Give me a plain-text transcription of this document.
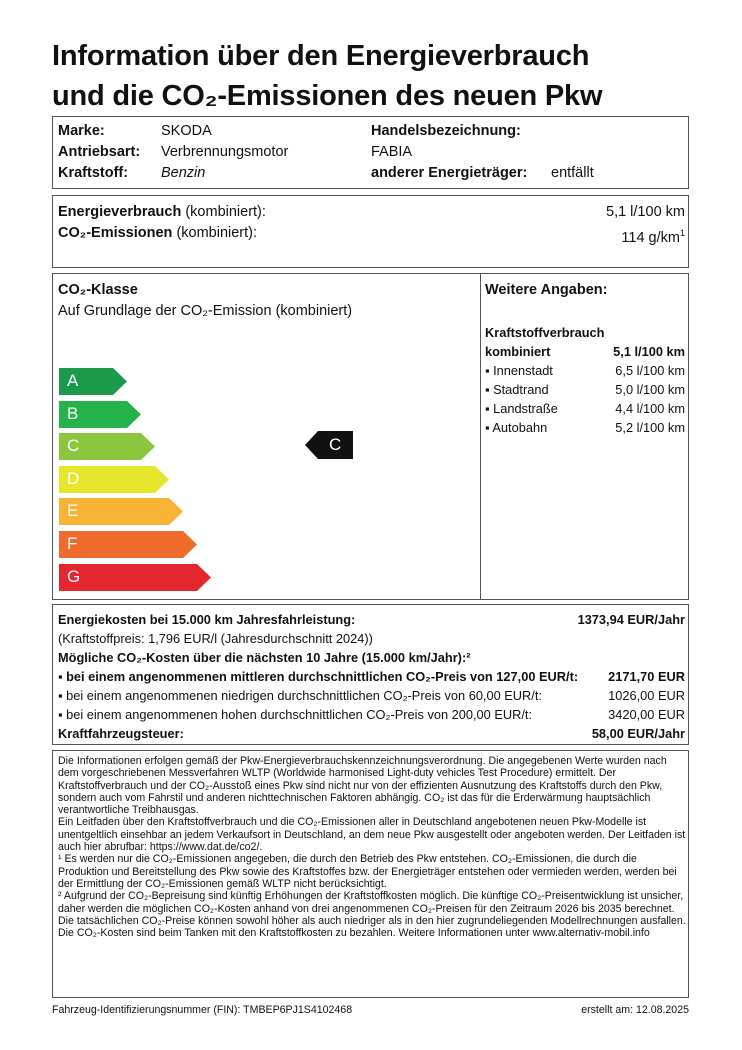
Information über den Energieverbrauch
und die CO₂-Emissionen des neuen Pkw
Marke:	SKODA
Antriebsart: Verbrennungsmotor
Kraftstoff: Benzin
Handelsbezeichnung:
FABIA
anderer Energieträger: entfällt
Energieverbrauch (kombiniert):	5,1 l/100 km
CO₂-Emissionen (kombiniert):	114 $g/km^1$
CO₂-Klasse
Auf Grundlage der CO₂-Emission (kombiniert)
A
B
C
D
E
F
G
C
Weitere Angaben:
Kraftstoffverbrauch
kombiniert	5,1 l/100 km
▪ Innenstadt	6,5 l/100 km
▪ Stadtrand	5,0 l/100 km
▪ Landstraße	4,4 l/100 km
▪ Autobahn	5,2 l/100 km
Energiekosten bei 15.000 km Jahresfahrleistung:	1373,94 EUR/Jahr
(Kraftstoffpreis: 1,796 EUR/l (Jahresdurchschnitt 2024))
Mögliche CO₂-Kosten über die nächsten 10 Jahre (15.000 km/Jahr):²
▪ bei einem angenommenen mittleren durchschnittlichen CO₂-Preis von 127,00 EUR/t: 2171,70 EUR
▪ bei einem angenommenen niedrigen durchschnittlichen CO₂-Preis von 60,00 EUR/t:	1026,00 EUR
▪ bei einem angenommenen hohen durchschnittlichen CO₂-Preis von 200,00 EUR/t:	3420,00 EUR
Kraftfahrzeugsteuer:	58,00 EUR/Jahr

Die Informationen erfolgen gemäß der Pkw-Energieverbrauchskennzeichnungsverordnung. Die angegebenen Werte wurden nach dem vorgeschriebenen Messverfahren WLTP (Worldwide harmonised Light-duty vehicles Test Procedure) ermittelt. Der Kraftstoffverbrauch und der CO₂-Ausstoß eines Pkw sind nicht nur von der effizienten Ausnutzung des Kraftstoffs durch den Pkw, sondern auch vom Fahrstil und anderen nichttechnischen Faktoren abhängig. CO₂ ist das für die Erderwärmung hauptsächlich verantwortliche Treibhausgas.

Ein Leitfaden über den Kraftstoffverbrauch und die CO₂-Emissionen aller in Deutschland angebotenen neuen Pkw-Modelle ist unentgeltlich einsehbar an jedem Verkaufsort in Deutschland, an dem neue Pkw ausgestellt oder angeboten werden. Der Leitfaden ist auch hier abrufbar: https://www.dat.de/co2/.

¹ Es werden nur die CO₂-Emissionen angegeben, die durch den Betrieb des Pkw entstehen. CO₂-Emissionen, die durch die Produktion und Bereitstellung des Pkw sowie des Kraftstoffes bzw. der Energieträger entstehen oder vermieden werden, werden bei der Ermittlung der CO₂-Emissionen gemäß WLTP nicht berücksichtigt.

² Aufgrund der CO₂-Bepreisung sind künftig Erhöhungen der Kraftstoffkosten möglich. Die künftige CO₂-Preisentwicklung ist unsicher, daher werden die möglichen CO₂-Kosten anhand von drei angenommenen CO₂-Preisen für den Zeitraum 2026 bis 2035 berechnet. Die tatsächlichen CO₂-Preise können sowohl höher als auch niedriger als in den hier zugrundeliegenden Modellrechnungen ausfallen. Die CO₂-Kosten sind beim Tanken mit den Kraftstoffkosten zu bezahlen. Weitere Informationen unter www.alternativ-mobil.info

Fahrzeug-Identifizierungsnummer (FIN): TMBEP6PJ1S4102468	erstellt am: 12.08.2025
